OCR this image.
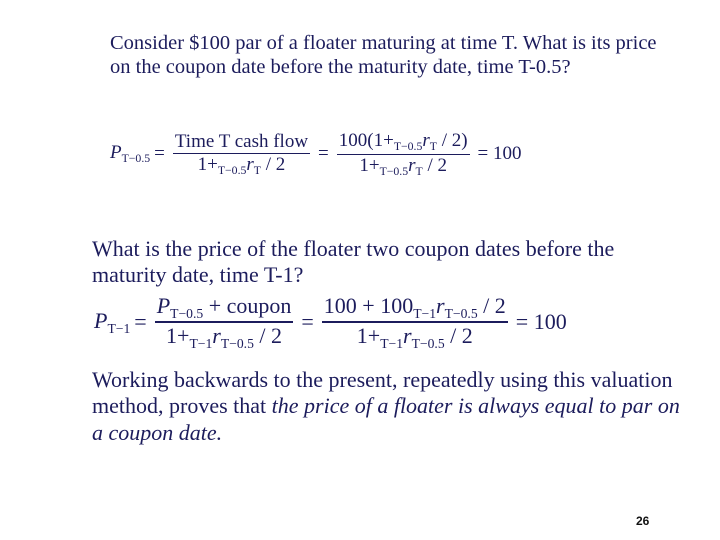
Consider $100 par of a floater maturing at time T. What is its price on the coupon date before the maturity date, time T-0.5?

$P_{T-0.5} = \frac{\text{Time T cash flow}}{1+_{T-0.5}r_T / 2} = \frac{100(1+_{T-0.5}r_T / 2)}{1+_{T-0.5}r_T / 2} = 100$

What is the price of the floater two coupon dates before the maturity date, time T-1?

$P_{T-1} = \frac{P_{T-0.5} + coupon}{1+_{T-1}r_{T-0.5} / 2} = \frac{100 + 100_{T-1}r_{T-0.5} / 2}{1+_{T-1}r_{T-0.5} / 2} = 100$

Working backwards to the present, repeatedly using this valuation method, proves that the price of a floater is always equal to par on a coupon date.

26
